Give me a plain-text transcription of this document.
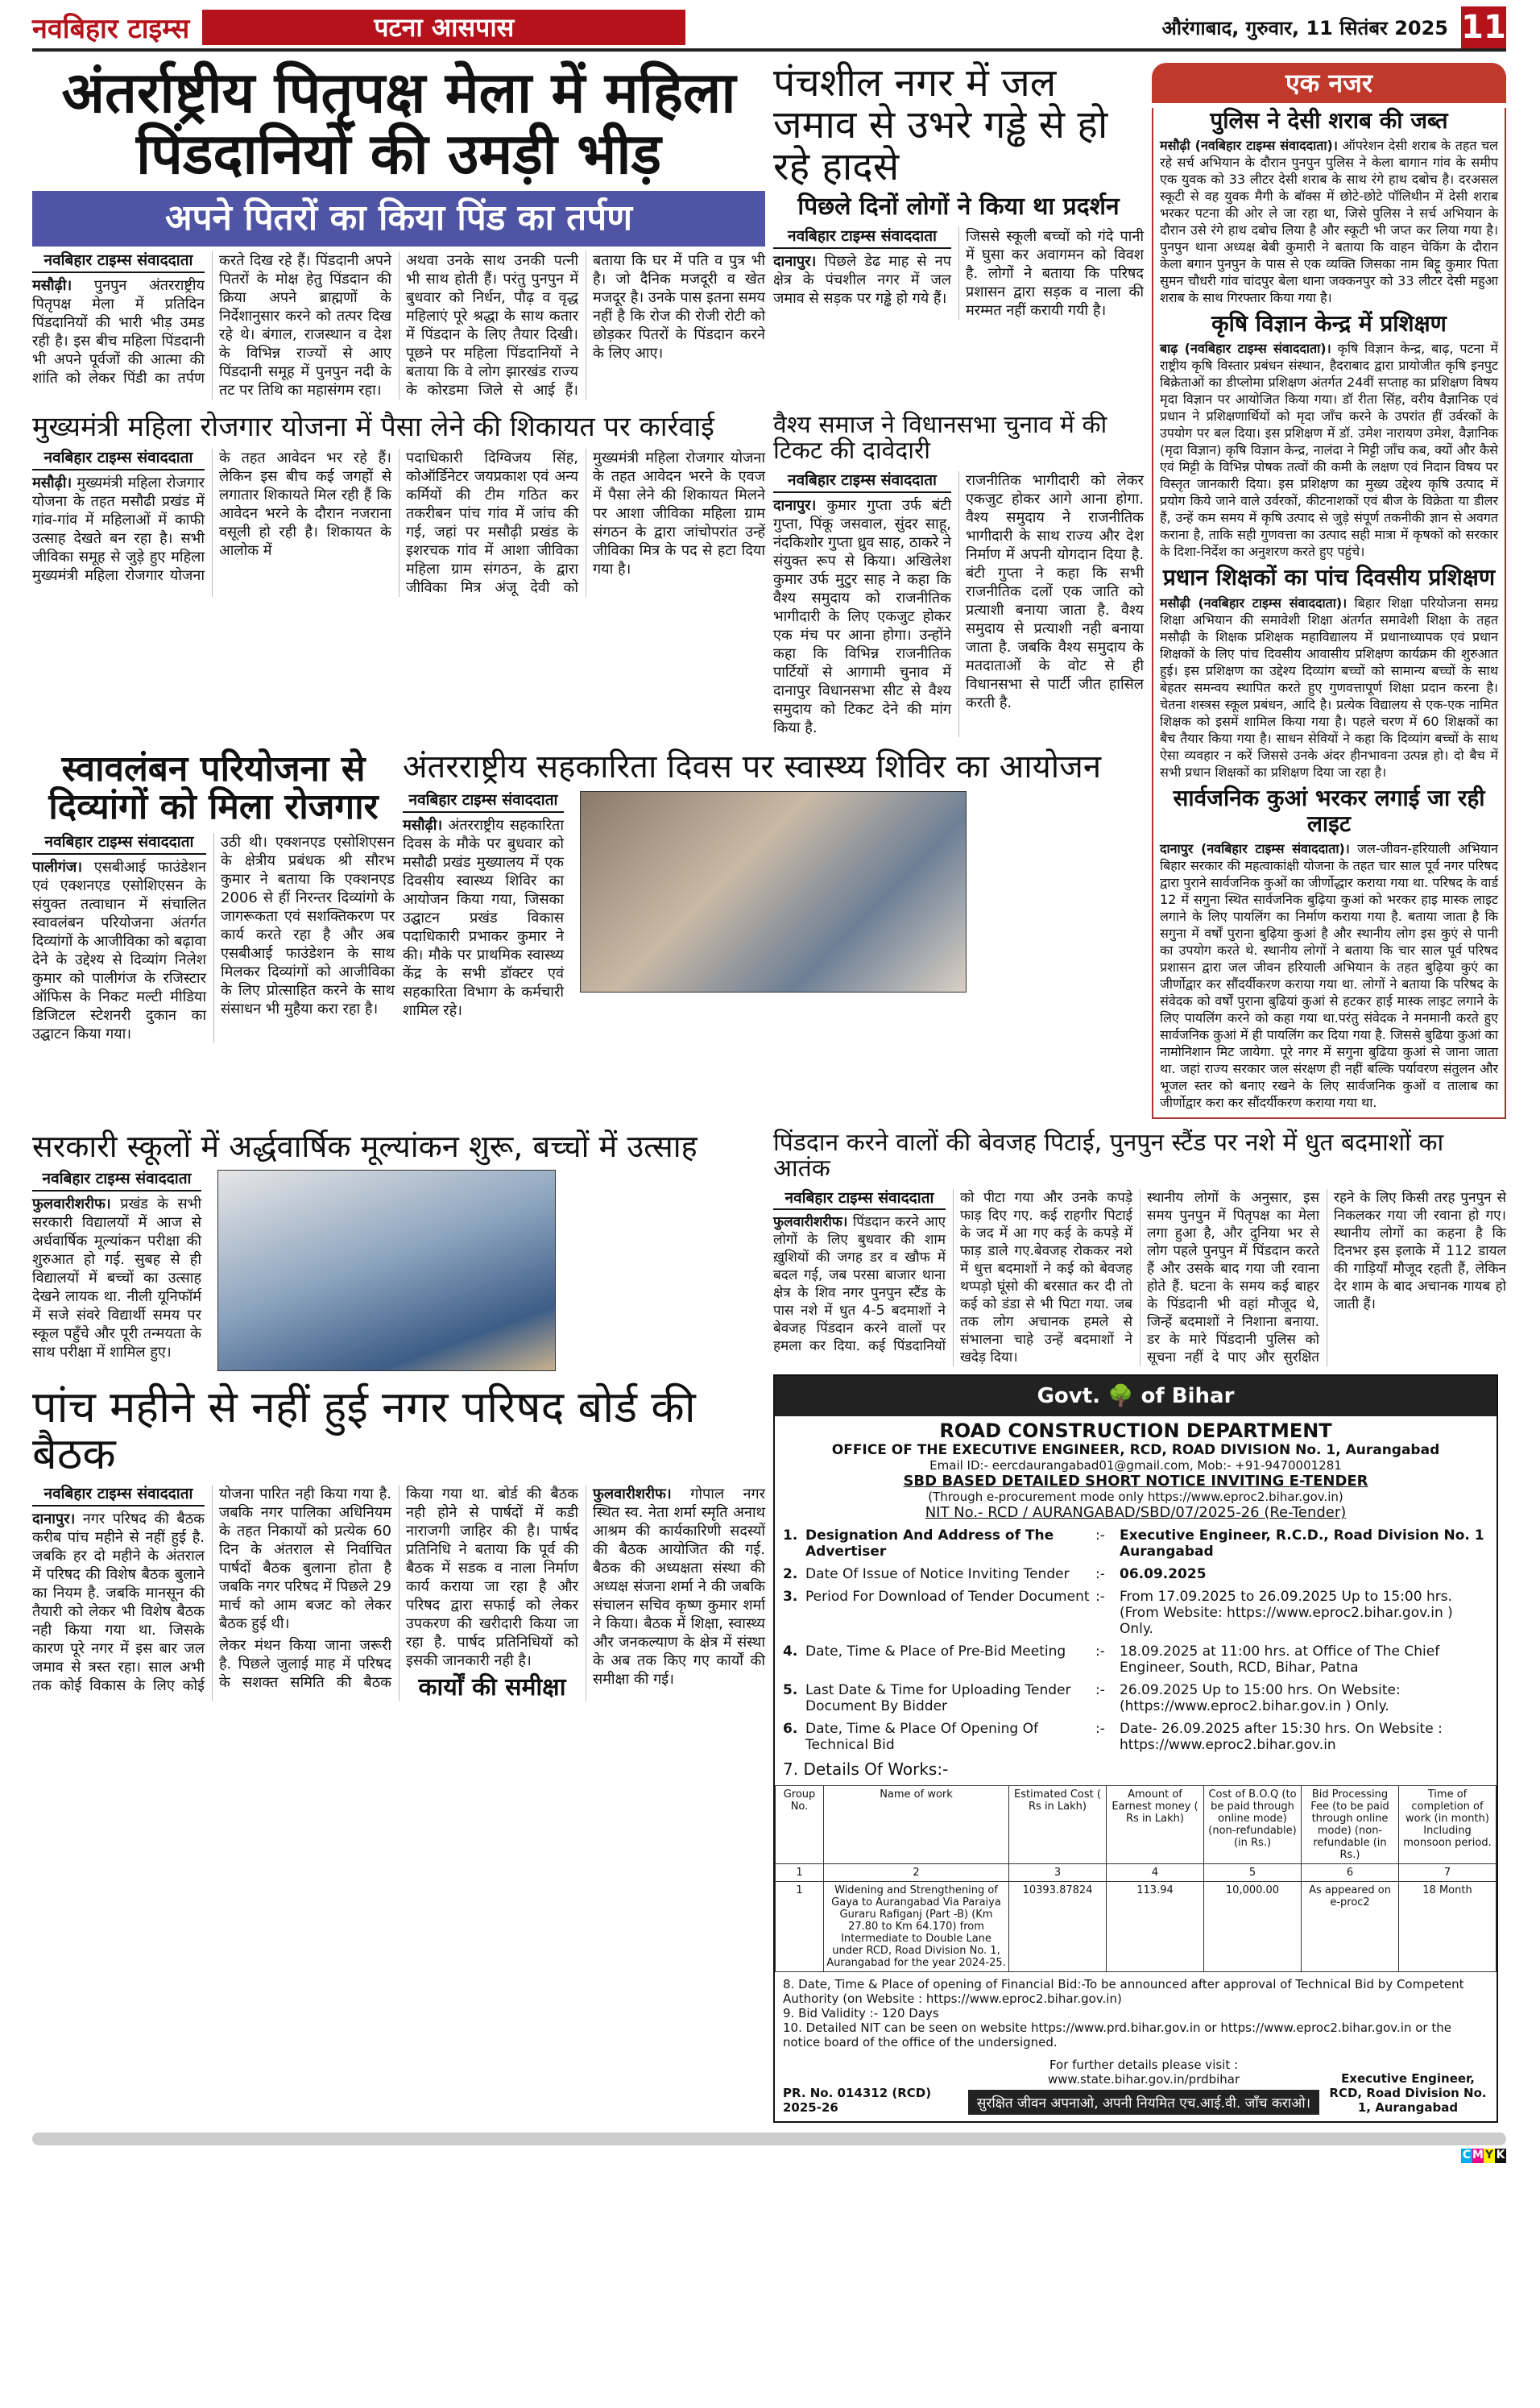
नवबिहार टाइम्स	पटना आसपास	औरंगाबाद, गुरुवार, 11 सितंबर 2025 11
अंतर्राष्ट्रीय पितृपक्ष मेला में महिला पिंडदानियों की उमड़ी भीड़
अपने पितरों का किया पिंड का तर्पण
नवबिहार टाइम्स संवाददाता

मसौढ़ी। पुनपुन अंतरराष्ट्रीय पितृपक्ष मेला में प्रतिदिन पिंडदानियों की भारी भीड़ उमड रही है। इस बीच महिला पिंडदानी भी अपने पूर्वजों की आत्मा की शांति को लेकर पिंडी का तर्पण करते दिख रहे हैं। पिंडदानी अपने पितरों के मोक्ष हेतु पिंडदान की क्रिया अपने ब्राह्मणों के निर्देशानुसार करने को तत्पर दिख रहे थे। बंगाल, राजस्थान व देश के विभिन्न राज्यों से आए पिंडदानी समूह में पुनपुन नदी के तट पर तिथि का महासंगम रहा।

अथवा उनके साथ उनकी पत्नी भी साथ होती हैं। परंतु पुनपुन में बुधवार को निर्धन, पौढ़ व वृद्ध महिलाएं पूरे श्रद्धा के साथ कतार में पिंडदान के लिए तैयार दिखी। पूछने पर महिला पिंडदानियों ने बताया कि वे लोग झारखंड राज्य के कोरडमा जिले से आई हैं। बताया कि घर में पति व पुत्र भी है। जो दैनिक मजदूरी व खेत मजदूर है। उनके पास इतना समय नहीं है कि रोज की रोजी रोटी को छोड़कर पितरों के पिंडदान करने के लिए आए।

पंचशील नगर में जल जमाव से उभरे गड्ढे से हो रहे हादसे
पिछले दिनों लोगों ने किया था प्रदर्शन
नवबिहार टाइम्स संवाददाता

दानापुर। पिछले डेढ माह से नप क्षेत्र के पंचशील नगर में जल जमाव से सड़क पर गड्ढे हो गये हैं।

जिससे स्कूली बच्चों को गंदे पानी में घुसा कर अवागमन को विवश है. लोगों ने बताया कि परिषद प्रशासन द्वारा सड़क व नाला की मरम्मत नहीं करायी गयी है।

मुख्यमंत्री महिला रोजगार योजना में पैसा लेने की शिकायत पर कार्रवाई
नवबिहार टाइम्स संवाददाता

मसौढ़ी। मुख्यमंत्री महिला रोजगार योजना के तहत मसौढी प्रखंड में गांव-गांव में महिलाओं में काफी उत्साह देखते बन रहा है। सभी जीविका समूह से जुड़े हुए महिला मुख्यमंत्री महिला रोजगार योजना के तहत आवेदन भर रहे हैं। लेकिन इस बीच कई जगहों से लगातार शिकायते मिल रही हैं कि आवेदन भरने के दौरान नजराना वसूली हो रही है। शिकायत के आलोक में

पदाधिकारी दिग्विजय सिंह, कोऑर्डिनेटर जयप्रकाश एवं अन्य कर्मियों की टीम गठित कर तकरीबन पांच गांव में जांच की गई, जहां पर मसौढ़ी प्रखंड के इशरचक गांव में आशा जीविका महिला ग्राम संगठन, के द्वारा जीविका मित्र अंजू देवी को मुख्यमंत्री महिला रोजगार योजना के तहत आवेदन भरने के एवज में पैसा लेने की शिकायत मिलने पर आशा जीविका महिला ग्राम संगठन के द्वारा जांचोपरांत उन्हें जीविका मित्र के पद से हटा दिया गया है।

वैश्य समाज ने विधानसभा चुनाव में की टिकट की दावेदारी
नवबिहार टाइम्स संवाददाता

दानापुर। कुमार गुप्ता उर्फ बंटी गुप्ता, पिंकू जसवाल, सुंदर साहू, नंदकिशोर गुप्ता ध्रुव साह, ठाकरे ने संयुक्त रूप से किया। अखिलेश कुमार उर्फ मुटुर साह ने कहा कि वैश्य समुदाय को राजनीतिक भागीदारी के लिए एकजुट होकर एक मंच पर आना होगा। उन्होंने कहा कि विभिन्न राजनीतिक पार्टियों से आगामी चुनाव में दानापुर विधानसभा सीट से वैश्य समुदाय को टिकट देने की मांग किया है.

राजनीतिक भागीदारी को लेकर एकजुट होकर आगे आना होगा. वैश्य समुदाय ने राजनीतिक भागीदारी के साथ राज्य और देश निर्माण में अपनी योगदान दिया है. बंटी गुप्ता ने कहा कि सभी राजनीतिक दलों एक जाति को प्रत्याशी बनाया जाता है. वैश्य समुदाय से प्रत्याशी नही बनाया जाता है. जबकि वैश्य समुदाय के मतदाताओं के वोट से ही विधानसभा से पार्टी जीत हासिल करती है.

स्वावलंबन परियोजना से दिव्यांगों को मिला रोजगार
नवबिहार टाइम्स संवाददाता

पालीगंज। एसबीआई फाउंडेशन एवं एक्शनएड एसोशिएसन के संयुक्त तत्वाधान में संचालित स्वावलंबन परियोजना अंतर्गत दिव्यांगों के आजीविका को बढ़ावा देने के उद्देश्य से दिव्यांग निलेश कुमार को पालीगंज के रजिस्टार ऑफिस के निकट मल्टी मीडिया डिजिटल स्टेशनरी दुकान का उद्घाटन किया गया।

उठी थी। एक्शनएड एसोशिएसन के क्षेत्रीय प्रबंधक श्री सौरभ कुमार ने बताया कि एक्शनएड 2006 से हीं निरन्तर दिव्यांगो के जागरूकता एवं सशक्तिकरण पर कार्य करते रहा है और अब एसबीआई फाउंडेशन के साथ मिलकर दिव्यांगों को आजीविका के लिए प्रोत्साहित करने के साथ संसाधन भी मुहैया करा रहा है।

अंतरराष्ट्रीय सहकारिता दिवस पर स्वास्थ्य शिविर का आयोजन
नवबिहार टाइम्स संवाददाता

मसौढ़ी। अंतरराष्ट्रीय सहकारिता दिवस के मौके पर बुधवार को मसौढी प्रखंड मुख्यालय में एक दिवसीय स्वास्थ्य शिविर का आयोजन किया गया, जिसका उद्घाटन प्रखंड विकास पदाधिकारी प्रभाकर कुमार ने की। मौके पर प्राथमिक स्वास्थ्य केंद्र के सभी डॉक्टर एवं सहकारिता विभाग के कर्मचारी शामिल रहे।

एक नजर
पुलिस ने देसी शराब की जब्त
मसौढ़ी (नवबिहार टाइम्स संवाददाता)। ऑपरेशन देसी शराब के तहत चल रहे सर्च अभियान के दौरान पुनपुन पुलिस ने केला बागान गांव के समीप एक युवक को 33 लीटर देसी शराब के साथ रंगे हाथ दबोच है। दरअसल स्कूटी से वह युवक मैगी के बॉक्स में छोटे-छोटे पॉलिथीन में देसी शराब भरकर पटना की ओर ले जा रहा था, जिसे पुलिस ने सर्च अभियान के दौरान उसे रंगे हाथ दबोच लिया है और स्कूटी भी जप्त कर लिया गया है। पुनपुन थाना अध्यक्ष बेबी कुमारी ने बताया कि वाहन चेकिंग के दौरान केला बगान पुनपुन के पास से एक व्यक्ति जिसका नाम बिट्टू कुमार पिता सुमन चौधरी गांव चांदपुर बेला थाना जक्कनपुर को 33 लीटर देसी महुआ शराब के साथ गिरफ्तार किया गया है।
कृषि विज्ञान केन्द्र में प्रशिक्षण
बाढ़ (नवबिहार टाइम्स संवाददाता)। कृषि विज्ञान केन्द्र, बाढ़, पटना में राष्ट्रीय कृषि विस्तार प्रबंधन संस्थान, हैदराबाद द्वारा प्रायोजीत कृषि इनपुट बिक्रेताओं का डीप्लोमा प्रशिक्षण अंतर्गत 24वीं सप्ताह का प्रशिक्षण विषय मृदा विज्ञान पर आयोजित किया गया। डॉ रीता सिंह, वरीय वैज्ञानिक एवं प्रधान ने प्रशिक्षणार्थियों को मृदा जाँच करने के उपरांत हीं उर्वरकों के उपयोग पर बल दिया। इस प्रशिक्षण में डॉ. उमेश नारायण उमेश, वैज्ञानिक (मृदा विज्ञान) कृषि विज्ञान केन्द्र, नालंदा ने मिट्टी जाँच कब, क्यों और कैसे एवं मिट्टी के विभिन्न पोषक तत्वों की कमी के लक्षण एवं निदान विषय पर विस्तृत जानकारी दिया। इस प्रशिक्षण का मुख्य उद्देश्य कृषि उत्पाद में प्रयोग किये जाने वाले उर्वरकों, कीटनाशकों एवं बीज के विक्रेता या डीलर हैं, उन्हें कम समय में कृषि उत्पाद से जुड़े संपूर्ण तकनीकी ज्ञान से अवगत कराना है, ताकि सही गुणवत्ता का उत्पाद सही मात्रा में कृषकों को सरकार के दिशा-निर्देश का अनुशरण करते हुए पहुंचे।
प्रधान शिक्षकों का पांच दिवसीय प्रशिक्षण
मसौढ़ी (नवबिहार टाइम्स संवाददाता)। बिहार शिक्षा परियोजना समग्र शिक्षा अभियान की समावेशी शिक्षा अंतर्गत समावेशी शिक्षा के तहत मसौढ़ी के शिक्षक प्रशिक्षक महाविद्यालय में प्रधानाध्यापक एवं प्रधान शिक्षकों के लिए पांच दिवसीय आवासीय प्रशिक्षण कार्यक्रम की शुरुआत हुई। इस प्रशिक्षण का उद्देश्य दिव्यांग बच्चों को सामान्य बच्चों के साथ बेहतर समन्वय स्थापित करते हुए गुणवत्तापूर्ण शिक्षा प्रदान करना है। चेतना शस्त्रस स्कूल प्रबंधन, आदि है। प्रत्येक विद्यालय से एक-एक नामित शिक्षक को इसमें शामिल किया गया है। पहले चरण में 60 शिक्षकों का बैच तैयार किया गया है। साधन सेवियों ने कहा कि दिव्यांग बच्चों के साथ ऐसा व्यवहार न करें जिससे उनके अंदर हीनभावना उत्पन्न हो। दो बैच में सभी प्रधान शिक्षकों का प्रशिक्षण दिया जा रहा है।
सार्वजनिक कुआं भरकर लगाई जा रही लाइट
दानापुर (नवबिहार टाइम्स संवाददाता)। जल-जीवन-हरियाली अभियान बिहार सरकार की महत्वाकांक्षी योजना के तहत चार साल पूर्व नगर परिषद द्वारा पुराने सार्वजनिक कुओं का जीर्णोद्धार कराया गया था. परिषद के वार्ड 12 में सगुना स्थित सार्वजनिक बुढ़िया कुआं को भरकर हाइ मास्क लाइट लगाने के लिए पायलिंग का निर्माण कराया गया है. बताया जाता है कि सगुना में वर्षों पुराना बुढ़िया कुआं है और स्थानीय लोग इस कुएं से पानी का उपयोग करते थे. स्थानीय लोगों ने बताया कि चार साल पूर्व परिषद प्रशासन द्वारा जल जीवन हरियाली अभियान के तहत बुढ़िया कुएं का जीर्णोद्वार कर सौंदर्यीकरण कराया गया था. लोगों ने बताया कि परिषद के संवेदक को वर्षों पुराना बुढियां कुआं से हटकर हाई मास्क लाइट लगाने के लिए पायलिंग करने को कहा गया था.परंतु संवेदक ने मनमानी करते हुए सार्वजनिक कुआं में ही पायलिंग कर दिया गया है. जिससे बुढिया कुआं का नामोनिशान मिट जायेगा. पूरे नगर में सगुना बुढिया कुआं से जाना जाता था. जहां राज्य सरकार जल संरक्षण ही नहीं बल्कि पर्यावरण संतुलन और भूजल स्तर को बनाए रखने के लिए सार्वजनिक कुओं व तालाब का जीर्णोद्वार करा कर सौंदर्यीकरण कराया गया था.
सरकारी स्कूलों में अर्द्धवार्षिक मूल्यांकन शुरू, बच्चों में उत्साह
नवबिहार टाइम्स संवाददाता

फुलवारीशरीफ। प्रखंड के सभी सरकारी विद्यालयों में आज से अर्धवार्षिक मूल्यांकन परीक्षा की शुरुआत हो गई. सुबह से ही विद्यालयों में बच्चों का उत्साह देखने लायक था. नीली यूनिफॉर्म में सजे संवरे विद्यार्थी समय पर स्कूल पहुँचे और पूरी तन्मयता के साथ परीक्षा में शामिल हुए।

पांच महीने से नहीं हुई नगर परिषद बोर्ड की बैठक
नवबिहार टाइम्स संवाददाता

दानापुर। नगर परिषद की बैठक करीब पांच महीने से नहीं हुई है. जबकि हर दो महीने के अंतराल में परिषद की विशेष बैठक बुलाने का नियम है. जबकि मानसून की तैयारी को लेकर भी विशेष बैठक नही किया गया था. जिसके कारण पूरे नगर में इस बार जल जमाव से त्रस्त रहा। साल अभी तक कोई विकास के लिए कोई योजना पारित नही किया गया है. जबकि नगर पालिका अधिनियम के तहत निकायों को प्रत्येक 60 दिन के अंतराल से निर्वाचित पार्षदों बैठक बुलाना होता है जबकि नगर परिषद में पिछले 29 मार्च को आम बजट को लेकर बैठक हुई थी।

लेकर मंथन किया जाना जरूरी है. पिछले जुलाई माह में परिषद के सशक्त समिति की बैठक किया गया था. बोर्ड की बैठक नही होने से पार्षदों में कडी नाराजगी जाहिर की है। पार्षद प्रतिनिधि ने बताया कि पूर्व की बैठक में सडक व नाला निर्माण कार्य कराया जा रहा है और परिषद द्वारा सफाई को लेकर उपकरण की खरीदारी किया जा रहा है. पार्षद प्रतिनिधियों को इसकी जानकारी नही है।

कार्यों की समीक्षा

फुलवारीशरीफ। गोपाल नगर स्थित स्व. नेता शर्मा स्मृति अनाथ आश्रम की कार्यकारिणी सदस्यों की बैठक आयोजित की गई. बैठक की अध्यक्षता संस्था की अध्यक्ष संजना शर्मा ने की जबकि संचालन सचिव कृष्ण कुमार शर्मा ने किया। बैठक में शिक्षा, स्वास्थ्य और जनकल्याण के क्षेत्र में संस्था के अब तक किए गए कार्यों की समीक्षा की गई।

पिंडदान करने वालों की बेवजह पिटाई, पुनपुन स्टैंड पर नशे में धुत बदमाशों का आतंक
नवबिहार टाइम्स संवाददाता

फुलवारीशरीफ। पिंडदान करने आए लोगों के लिए बुधवार की शाम ख़ुशियों की जगह डर व खौफ में बदल गई, जब परसा बाजार थाना क्षेत्र के शिव नगर पुनपुन स्टैंड के पास नशे में धुत 4-5 बदमाशों ने बेवजह पिंडदान करने वालों पर हमला कर दिया. कई पिंडदानियों को पीटा गया और उनके कपड़े फाड़ दिए गए. कई राहगीर पिटाई के जद में आ गए कई के कपड़े में फाड़ डाले गए.बेवजह रोककर नशे में धुत्त बदमाशों ने कई को बेवजह थप्पड़ो घूंसो की बरसात कर दी तो कई को डंडा से भी पिटा गया. जब तक लोग अचानक हमले से संभालना चाहे उन्हें बदमाशों ने खदेड़ दिया।

स्थानीय लोगों के अनुसार, इस समय पुनपुन में पितृपक्ष का मेला लगा हुआ है, और दुनिया भर से लोग पहले पुनपुन में पिंडदान करते हैं और उसके बाद गया जी रवाना होते हैं. घटना के समय कई बाहर के पिंडदानी भी वहां मौजूद थे, जिन्हें बदमाशों ने निशाना बनाया. डर के मारे पिंडदानी पुलिस को सूचना नहीं दे पाए और सुरक्षित रहने के लिए किसी तरह पुनपुन से निकलकर गया जी रवाना हो गए। स्थानीय लोगों का कहना है कि दिनभर इस इलाके में 112 डायल की गाड़ियाँ मौजूद रहती हैं, लेकिन देर शाम के बाद अचानक गायब हो जाती हैं।

Govt. 🌳 of Bihar
ROAD CONSTRUCTION DEPARTMENT
OFFICE OF THE EXECUTIVE ENGINEER, RCD, ROAD DIVISION No. 1, Aurangabad
Email ID:- eercdaurangabad01@gmail.com, Mob:- +91-9470001281
SBD BASED DETAILED SHORT NOTICE INVITING E-TENDER
(Through e-procurement mode only https://www.eproc2.bihar.gov.in)
NIT No.- RCD / AURANGABAD/SBD/07/2025-26 (Re-Tender)
1. Designation And Address of The Advertiser
:-	Executive Engineer, R.C.D., Road Division No. 1 Aurangabad
2. Date Of Issue of Notice Inviting Tender	:-	06.09.2025
3. Period For Download of Tender Document :-	From 17.09.2025 to 26.09.2025 Up to 15:00 hrs. (From Website: https://www.eproc2.bihar.gov.in ) Only.
4. Date, Time & Place of Pre-Bid Meeting	:-	18.09.2025 at 11:00 hrs. at Office of The Chief Engineer, South, RCD, Bihar, Patna
5. Last Date & Time for Uploading Tender Document By Bidder
:-	26.09.2025 Up to 15:00 hrs. On Website: (https://www.eproc2.bihar.gov.in ) Only.
6. Date, Time & Place Of Opening Of Technical Bid
:-	Date- 26.09.2025 after 15:30 hrs. On Website : https://www.eproc2.bihar.gov.in
7. Details Of Works:-
Group No.	Name of work	Estimated Cost ( Rs in Lakh)	Amount of Earnest money ( Rs in Lakh)	Cost of B.O.Q (to be paid through online mode) (non-refundable) (in Rs.)	Bid Processing Fee (to be paid through online mode) (non-refundable (in Rs.)	Time of completion of work (in month) Including monsoon period.
1	2	3	4	5	6	7
1	Widening and Strengthening of Gaya to Aurangabad Via Paraiya Guraru Rafiganj (Part -B) (Km 27.80 to Km 64.170) from Intermediate to Double Lane under RCD, Road Division No. 1, Aurangabad for the year 2024-25.	10393.87824	113.94	10,000.00	As appeared on e-proc2	18 Month
8. Date, Time & Place of opening of Financial Bid:-To be announced after approval of Technical Bid by Competent Authority (on Website : https://www.eproc2.bihar.gov.in)
9. Bid Validity :- 120 Days
10. Detailed NIT can be seen on website https://www.prd.bihar.gov.in or https://www.eproc2.bihar.gov.in or the notice board of the office of the undersigned.
PR. No. 014312 (RCD) 2025-26
For further details please visit : www.state.bihar.gov.in/prdbihar
सुरक्षित जीवन अपनाओ, अपनी नियमित एच.आई.वी. जाँच कराओ।
Executive Engineer, RCD, Road Division No. 1, Aurangabad
C M Y K
